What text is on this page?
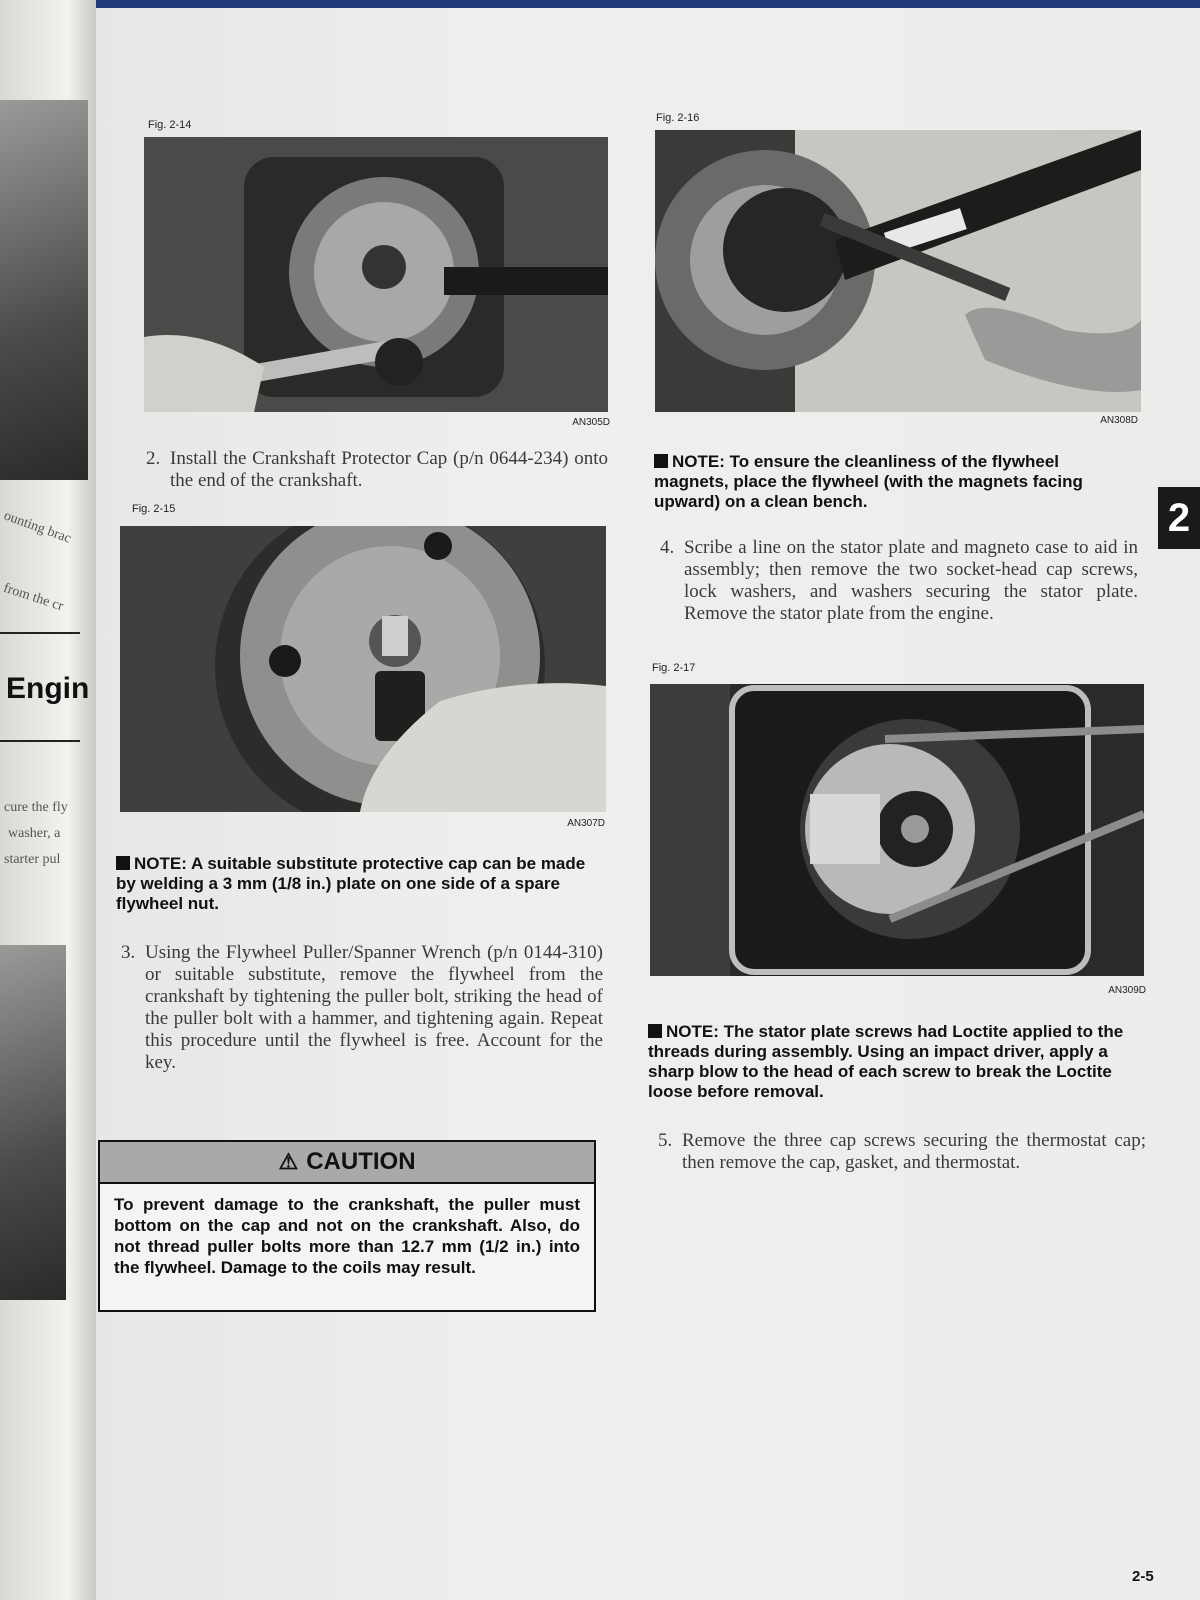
ounting brac
from the cr
Engin
cure the fly
washer, a
starter pul
Fig. 2-14
AN305D
2. Install the Crankshaft Protector Cap (p/n 0644-234) onto the end of the crankshaft.
Fig. 2-15
AN307D
NOTE: A suitable substitute protective cap can be made by welding a 3 mm (1/8 in.) plate on one side of a spare flywheel nut.
3. Using the Flywheel Puller/Spanner Wrench (p/n 0144-310) or suitable substitute, remove the flywheel from the crankshaft by tightening the puller bolt, striking the head of the puller bolt with a hammer, and tightening again. Repeat this procedure until the flywheel is free. Account for the key.
⚠ CAUTION
To prevent damage to the crankshaft, the puller must bottom on the cap and not on the crankshaft. Also, do not thread puller bolts more than 12.7 mm (1/2 in.) into the flywheel. Damage to the coils may result.
Fig. 2-16
AN308D
NOTE: To ensure the cleanliness of the flywheel magnets, place the flywheel (with the magnets facing upward) on a clean bench.	2
4. Scribe a line on the stator plate and magneto case to aid in assembly; then remove the two socket-head cap screws, lock washers, and washers securing the stator plate. Remove the stator plate from the engine.
Fig. 2-17
AN309D
NOTE: The stator plate screws had Loctite applied to the threads during assembly. Using an impact driver, apply a sharp blow to the head of each screw to break the Loctite loose before removal.
5. Remove the three cap screws securing the thermostat cap; then remove the cap, gasket, and thermostat.
2-5
